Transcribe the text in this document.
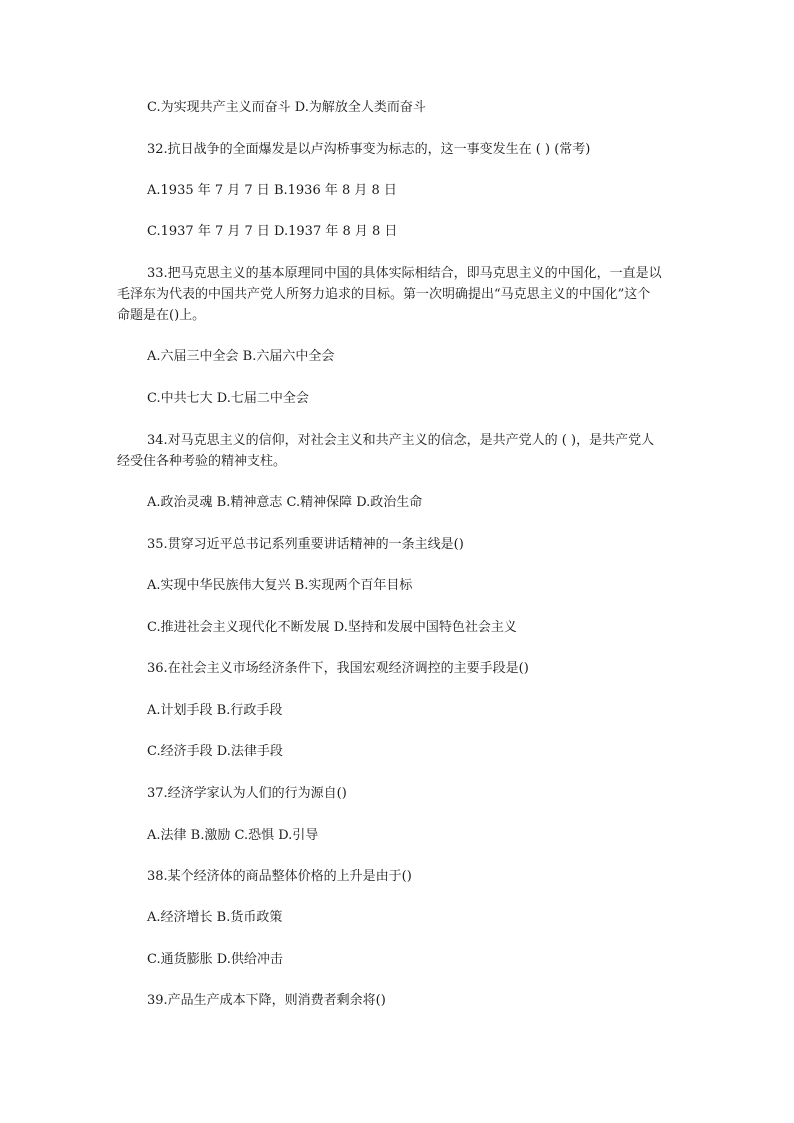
C.为实现共产主义而奋斗 D.为解放全人类而奋斗
32.抗日战争的全面爆发是以卢沟桥事变为标志的，这一事变发生在 ( ) (常考)
A.1935 年 7 月 7 日 B.1936 年 8 月 8 日
C.1937 年 7 月 7 日 D.1937 年 8 月 8 日
33.把马克思主义的基本原理同中国的具体实际相结合，即马克思主义的中国化，一直是以毛泽东为代表的中国共产党人所努力追求的目标。第一次明确提出“马克思主义的中国化”这个命题是在()上。
A.六届三中全会 B.六届六中全会
C.中共七大 D.七届二中全会
34.对马克思主义的信仰，对社会主义和共产主义的信念，是共产党人的 ( )，是共产党人经受住各种考验的精神支柱。
A.政治灵魂 B.精神意志 C.精神保障 D.政治生命
35.贯穿习近平总书记系列重要讲话精神的一条主线是()
A.实现中华民族伟大复兴 B.实现两个百年目标
C.推进社会主义现代化不断发展 D.坚持和发展中国特色社会主义
36.在社会主义市场经济条件下，我国宏观经济调控的主要手段是()
A.计划手段 B.行政手段
C.经济手段 D.法律手段
37.经济学家认为人们的行为源自()
A.法律 B.激励 C.恐惧 D.引导
38.某个经济体的商品整体价格的上升是由于()
A.经济增长 B.货币政策
C.通货膨胀 D.供给冲击
39.产品生产成本下降，则消费者剩余将()
